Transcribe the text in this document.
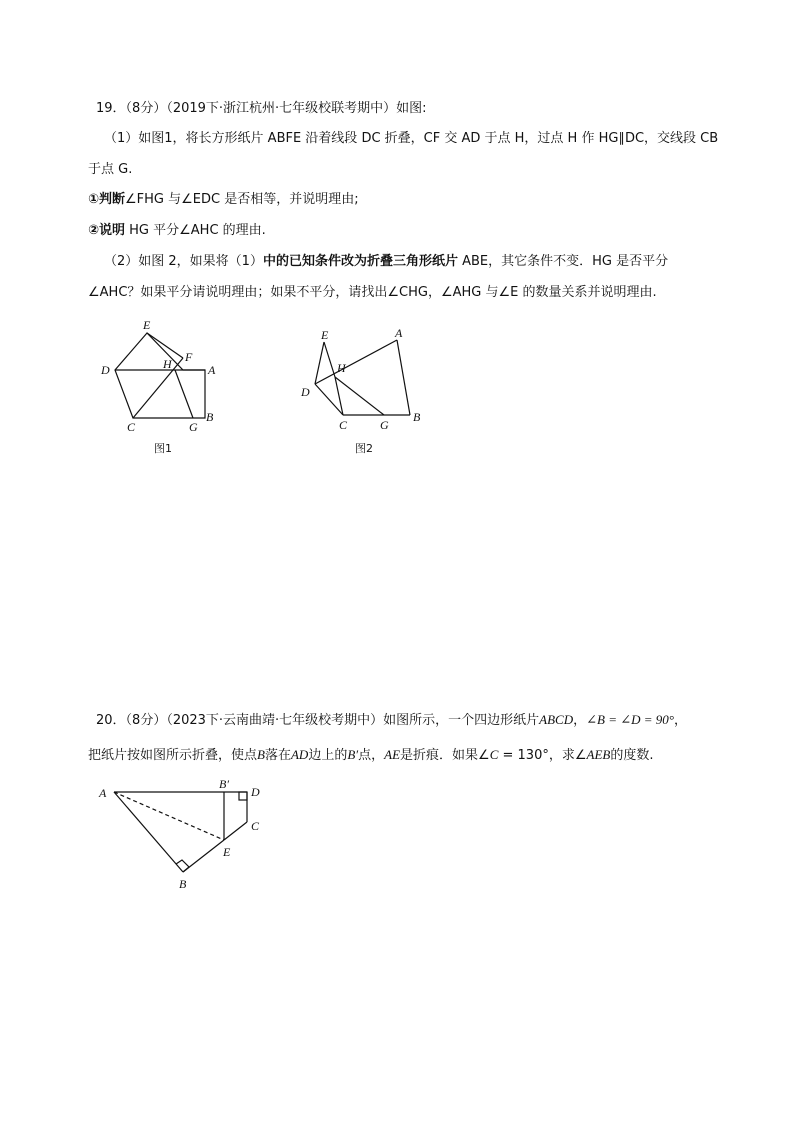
19．（8分）（2019下·浙江杭州·七年级校联考期中）如图:
（1）如图1，将长方形纸片 ABFE 沿着线段 DC 折叠，CF 交 AD 于点 H，过点 H 作 HG∥DC，交线段 CB
于点 G.
①判断∠FHG 与∠EDC 是否相等，并说明理由;
②说明 HG 平分∠AHC 的理由.
（2）如图 2，如果将（1）中的已知条件改为折叠三角形纸片 ABE，其它条件不变．HG 是否平分
∠AHC？如果平分请说明理由；如果不平分，请找出∠CHG，∠AHG 与∠E 的数量关系并说明理由.
E
F
D	H	A
C	G
B
图1
E	A
H
D
C	G
B
图2
A
B′
D
C
E
B
20．（8分）（2023下·云南曲靖·七年级校考期中）如图所示，一个四边形纸片ABCD，∠B = ∠D = 90°，
把纸片按如图所示折叠，使点B落在AD边上的B′点，AE是折痕．如果∠C = 130°，求∠AEB的度数.
